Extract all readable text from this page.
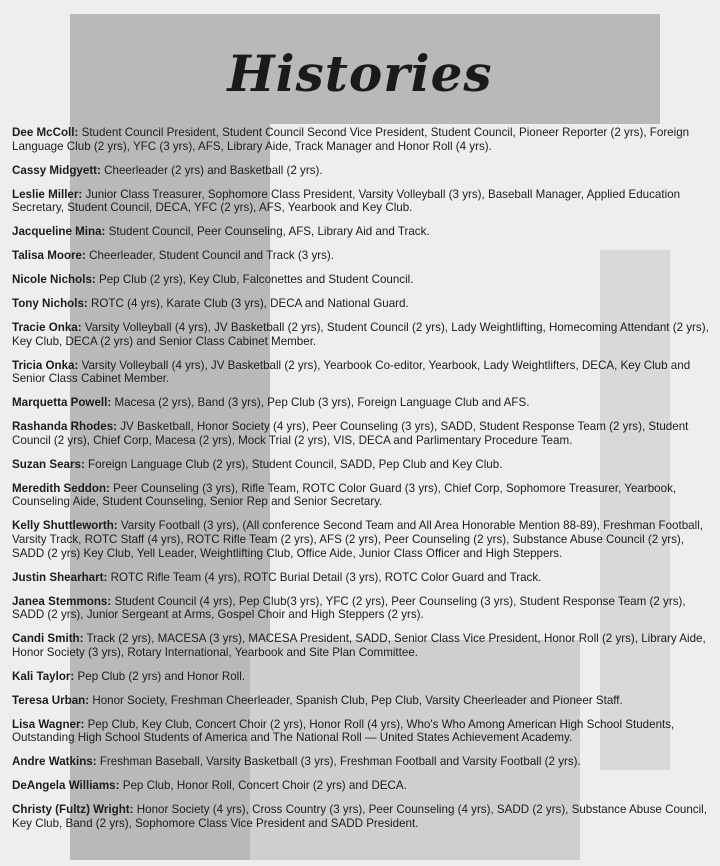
Histories

Dee McColl: Student Council President, Student Council Second Vice President, Student Council, Pioneer Reporter (2 yrs), Foreign Language Club (2 yrs), YFC (3 yrs), AFS, Library Aide, Track Manager and Honor Roll (4 yrs).

Cassy Midgyett: Cheerleader (2 yrs) and Basketball (2 yrs).

Leslie Miller: Junior Class Treasurer, Sophomore Class President, Varsity Volleyball (3 yrs), Baseball Manager, Applied Education Secretary, Student Council, DECA, YFC (2 yrs), AFS, Yearbook and Key Club.

Jacqueline Mina: Student Council, Peer Counseling, AFS, Library Aid and Track.

Talisa Moore: Cheerleader, Student Council and Track (3 yrs).

Nicole Nichols: Pep Club (2 yrs), Key Club, Falconettes and Student Council.

Tony Nichols: ROTC (4 yrs), Karate Club (3 yrs), DECA and National Guard.

Tracie Onka: Varsity Volleyball (4 yrs), JV Basketball (2 yrs), Student Council (2 yrs), Lady Weightlifting, Homecoming Attendant (2 yrs), Key Club, DECA (2 yrs) and Senior Class Cabinet Member.

Tricia Onka: Varsity Volleyball (4 yrs), JV Basketball (2 yrs), Yearbook Co-editor, Yearbook, Lady Weightlifters, DECA, Key Club and Senior Class Cabinet Member.

Marquetta Powell: Macesa (2 yrs), Band (3 yrs), Pep Club (3 yrs), Foreign Language Club and AFS.

Rashanda Rhodes: JV Basketball, Honor Society (4 yrs), Peer Counseling (3 yrs), SADD, Student Response Team (2 yrs), Student Council (2 yrs), Chief Corp, Macesa (2 yrs), Mock Trial (2 yrs), VIS, DECA and Parlimentary Procedure Team.

Suzan Sears: Foreign Language Club (2 yrs), Student Council, SADD, Pep Club and Key Club.

Meredith Seddon: Peer Counseling (3 yrs), Rifle Team, ROTC Color Guard (3 yrs), Chief Corp, Sophomore Treasurer, Yearbook, Counseling Aide, Student Counseling, Senior Rep and Senior Secretary.

Kelly Shuttleworth: Varsity Football (3 yrs), (All conference Second Team and All Area Honorable Mention 88-89), Freshman Football, Varsity Track, ROTC Staff (4 yrs), ROTC Rifle Team (2 yrs), AFS (2 yrs), Peer Counseling (2 yrs), Substance Abuse Council (2 yrs), SADD (2 yrs) Key Club, Yell Leader, Weightlifting Club, Office Aide, Junior Class Officer and High Steppers.

Justin Shearhart: ROTC Rifle Team (4 yrs), ROTC Burial Detail (3 yrs), ROTC Color Guard and Track.

Janea Stemmons: Student Council (4 yrs), Pep Club(3 yrs), YFC (2 yrs), Peer Counseling (3 yrs), Student Response Team (2 yrs), SADD (2 yrs), Junior Sergeant at Arms, Gospel Choir and High Steppers (2 yrs).

Candi Smith: Track (2 yrs), MACESA (3 yrs), MACESA President, SADD, Senior Class Vice President, Honor Roll (2 yrs), Library Aide, Honor Society (3 yrs), Rotary International, Yearbook and Site Plan Committee.

Kali Taylor: Pep Club (2 yrs) and Honor Roll.

Teresa Urban: Honor Society, Freshman Cheerleader, Spanish Club, Pep Club, Varsity Cheerleader and Pioneer Staff.

Lisa Wagner: Pep Club, Key Club, Concert Choir (2 yrs), Honor Roll (4 yrs), Who's Who Among American High School Students, Outstanding High School Students of America and The National Roll — United States Achievement Academy.

Andre Watkins: Freshman Baseball, Varsity Basketball (3 yrs), Freshman Football and Varsity Football (2 yrs).

DeAngela Williams: Pep Club, Honor Roll, Concert Choir (2 yrs) and DECA.

Christy (Fultz) Wright: Honor Society (4 yrs), Cross Country (3 yrs), Peer Counseling (4 yrs), SADD (2 yrs), Substance Abuse Council, Key Club, Band (2 yrs), Sophomore Class Vice President and SADD President.
